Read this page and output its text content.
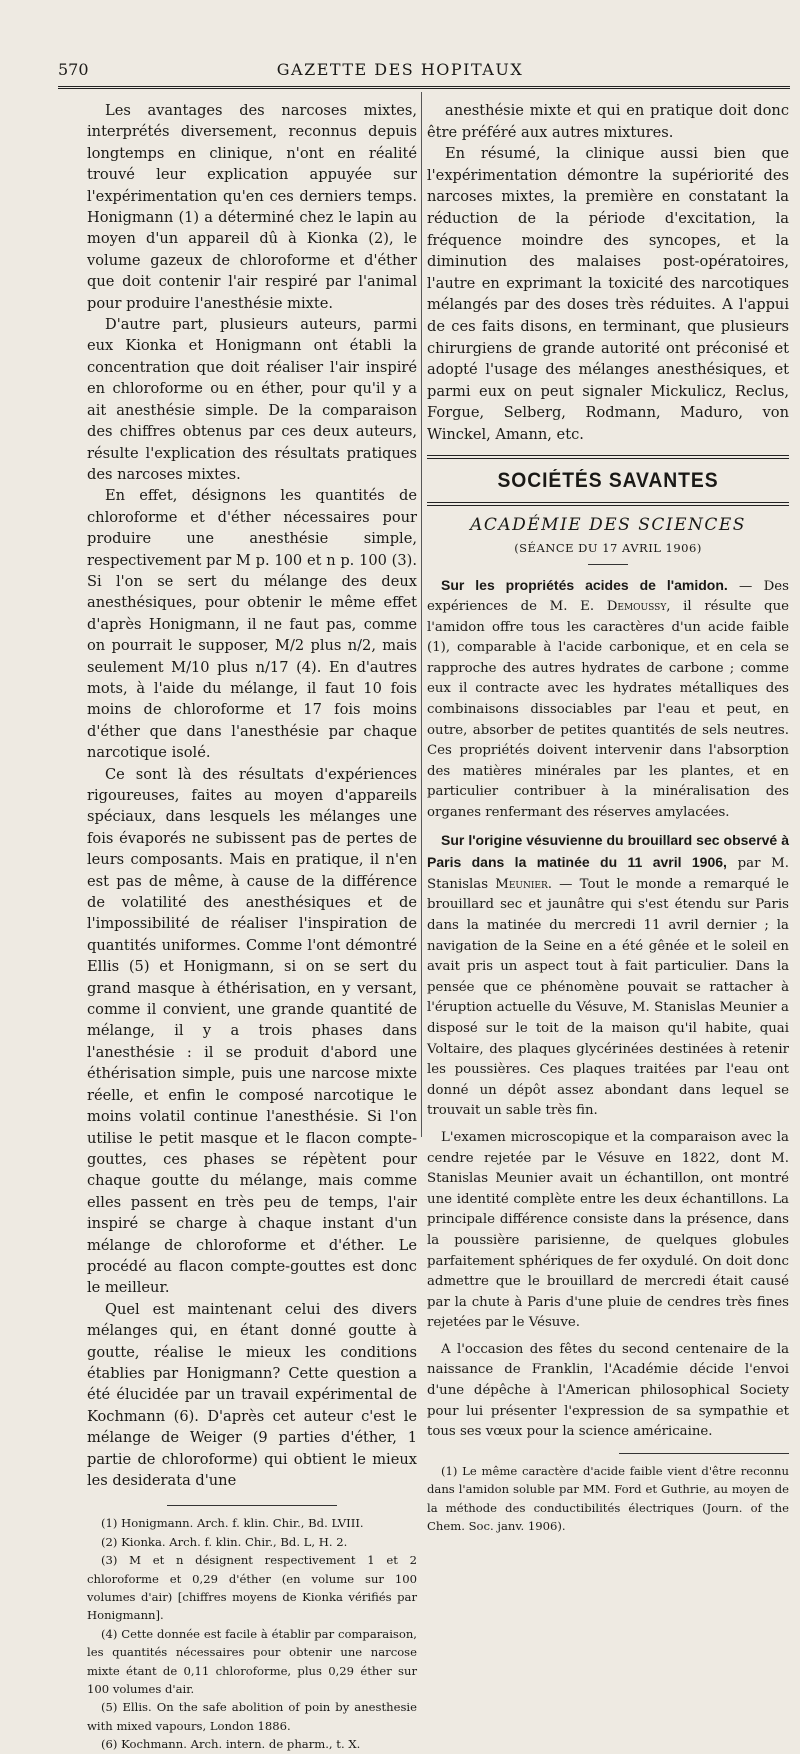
570	GAZETTE DES HOPITAUX

Les avantages des narcoses mixtes, interprétés diversement, reconnus depuis longtemps en clinique, n'ont en réalité trouvé leur explication appuyée sur l'expérimentation qu'en ces derniers temps. Honigmann (1) a déterminé chez le lapin au moyen d'un appareil dû à Kionka (2), le volume gazeux de chloroforme et d'éther que doit contenir l'air respiré par l'animal pour produire l'anesthésie mixte.

D'autre part, plusieurs auteurs, parmi eux Kionka et Honigmann ont établi la concentration que doit réaliser l'air inspiré en chloroforme ou en éther, pour qu'il y a ait anesthésie simple. De la comparaison des chiffres obtenus par ces deux auteurs, résulte l'explication des résultats pratiques des narcoses mixtes.

En effet, désignons les quantités de chloroforme et d'éther nécessaires pour produire une anesthésie simple, respectivement par M p. 100 et n p. 100 (3). Si l'on se sert du mélange des deux anesthésiques, pour obtenir le même effet d'après Honigmann, il ne faut pas, comme on pourrait le supposer, M/2 plus n/2, mais seulement M/10 plus n/17 (4). En d'autres mots, à l'aide du mélange, il faut 10 fois moins de chloroforme et 17 fois moins d'éther que dans l'anesthésie par chaque narcotique isolé.

Ce sont là des résultats d'expériences rigoureuses, faites au moyen d'appareils spéciaux, dans lesquels les mélanges une fois évaporés ne subissent pas de pertes de leurs composants. Mais en pratique, il n'en est pas de même, à cause de la différence de volatilité des anesthésiques et de l'impossibilité de réaliser l'inspiration de quantités uniformes. Comme l'ont démontré Ellis (5) et Honigmann, si on se sert du grand masque à éthérisation, en y versant, comme il convient, une grande quantité de mélange, il y a trois phases dans l'anesthésie : il se produit d'abord une éthérisation simple, puis une narcose mixte réelle, et enfin le composé narcotique le moins volatil continue l'anesthésie. Si l'on utilise le petit masque et le flacon compte-gouttes, ces phases se répètent pour chaque goutte du mélange, mais comme elles passent en très peu de temps, l'air inspiré se charge à chaque instant d'un mélange de chloroforme et d'éther. Le procédé au flacon compte-gouttes est donc le meilleur.

Quel est maintenant celui des divers mélanges qui, en étant donné goutte à goutte, réalise le mieux les conditions établies par Honigmann? Cette question a été élucidée par un travail expérimental de Kochmann (6). D'après cet auteur c'est le mélange de Weiger (9 parties d'éther, 1 partie de chloroforme) qui obtient le mieux les desiderata d'une

(1) Honigmann. Arch. f. klin. Chir., Bd. LVIII.

(2) Kionka. Arch. f. klin. Chir., Bd. L, H. 2.

(3) M et n désignent respectivement 1 et 2 chloroforme et 0,29 d'éther (en volume sur 100 volumes d'air) [chiffres moyens de Kionka vérifiés par Honigmann].

(4) Cette donnée est facile à établir par comparaison, les quantités nécessaires pour obtenir une narcose mixte étant de 0,11 chloroforme, plus 0,29 éther sur 100 volumes d'air.

(5) Ellis. On the safe abolition of poin by anesthesie with mixed vapours, London 1886.

(6) Kochmann. Arch. intern. de pharm., t. X.

anesthésie mixte et qui en pratique doit donc être préféré aux autres mixtures.

En résumé, la clinique aussi bien que l'expérimentation démontre la supériorité des narcoses mixtes, la première en constatant la réduction de la période d'excitation, la fréquence moindre des syncopes, et la diminution des malaises post-opératoires, l'autre en exprimant la toxicité des narcotiques mélangés par des doses très réduites. A l'appui de ces faits disons, en terminant, que plusieurs chirurgiens de grande autorité ont préconisé et adopté l'usage des mélanges anesthésiques, et parmi eux on peut signaler Mickulicz, Reclus, Forgue, Selberg, Rodmann, Maduro, von Winckel, Amann, etc.

SOCIÉTÉS SAVANTES
ACADÉMIE DES SCIENCES
(SÉANCE DU 17 AVRIL 1906)

Sur les propriétés acides de l'amidon. — Des expériences de M. E. Demoussy, il résulte que l'amidon offre tous les caractères d'un acide faible (1), comparable à l'acide carbonique, et en cela se rapproche des autres hydrates de carbone ; comme eux il contracte avec les hydrates métalliques des combinaisons dissociables par l'eau et peut, en outre, absorber de petites quantités de sels neutres. Ces propriétés doivent intervenir dans l'absorption des matières minérales par les plantes, et en particulier contribuer à la minéralisation des organes renfermant des réserves amylacées.

Sur l'origine vésuvienne du brouillard sec observé à Paris dans la matinée du 11 avril 1906, par M. Stanislas Meunier. — Tout le monde a remarqué le brouillard sec et jaunâtre qui s'est étendu sur Paris dans la matinée du mercredi 11 avril dernier ; la navigation de la Seine en a été gênée et le soleil en avait pris un aspect tout à fait particulier. Dans la pensée que ce phénomène pouvait se rattacher à l'éruption actuelle du Vésuve, M. Stanislas Meunier a disposé sur le toit de la maison qu'il habite, quai Voltaire, des plaques glycérinées destinées à retenir les poussières. Ces plaques traitées par l'eau ont donné un dépôt assez abondant dans lequel se trouvait un sable très fin.

L'examen microscopique et la comparaison avec la cendre rejetée par le Vésuve en 1822, dont M. Stanislas Meunier avait un échantillon, ont montré une identité complète entre les deux échantillons. La principale différence consiste dans la présence, dans la poussière parisienne, de quelques globules parfaitement sphériques de fer oxydulé. On doit donc admettre que le brouillard de mercredi était causé par la chute à Paris d'une pluie de cendres très fines rejetées par le Vésuve.

A l'occasion des fêtes du second centenaire de la naissance de Franklin, l'Académie décide l'envoi d'une dépêche à l'American philosophical Society pour lui présenter l'expression de sa sympathie et tous ses vœux pour la science américaine.

(1) Le même caractère d'acide faible vient d'être reconnu dans l'amidon soluble par MM. Ford et Guthrie, au moyen de la méthode des conductibilités électriques (Journ. of the Chem. Soc. janv. 1906).
